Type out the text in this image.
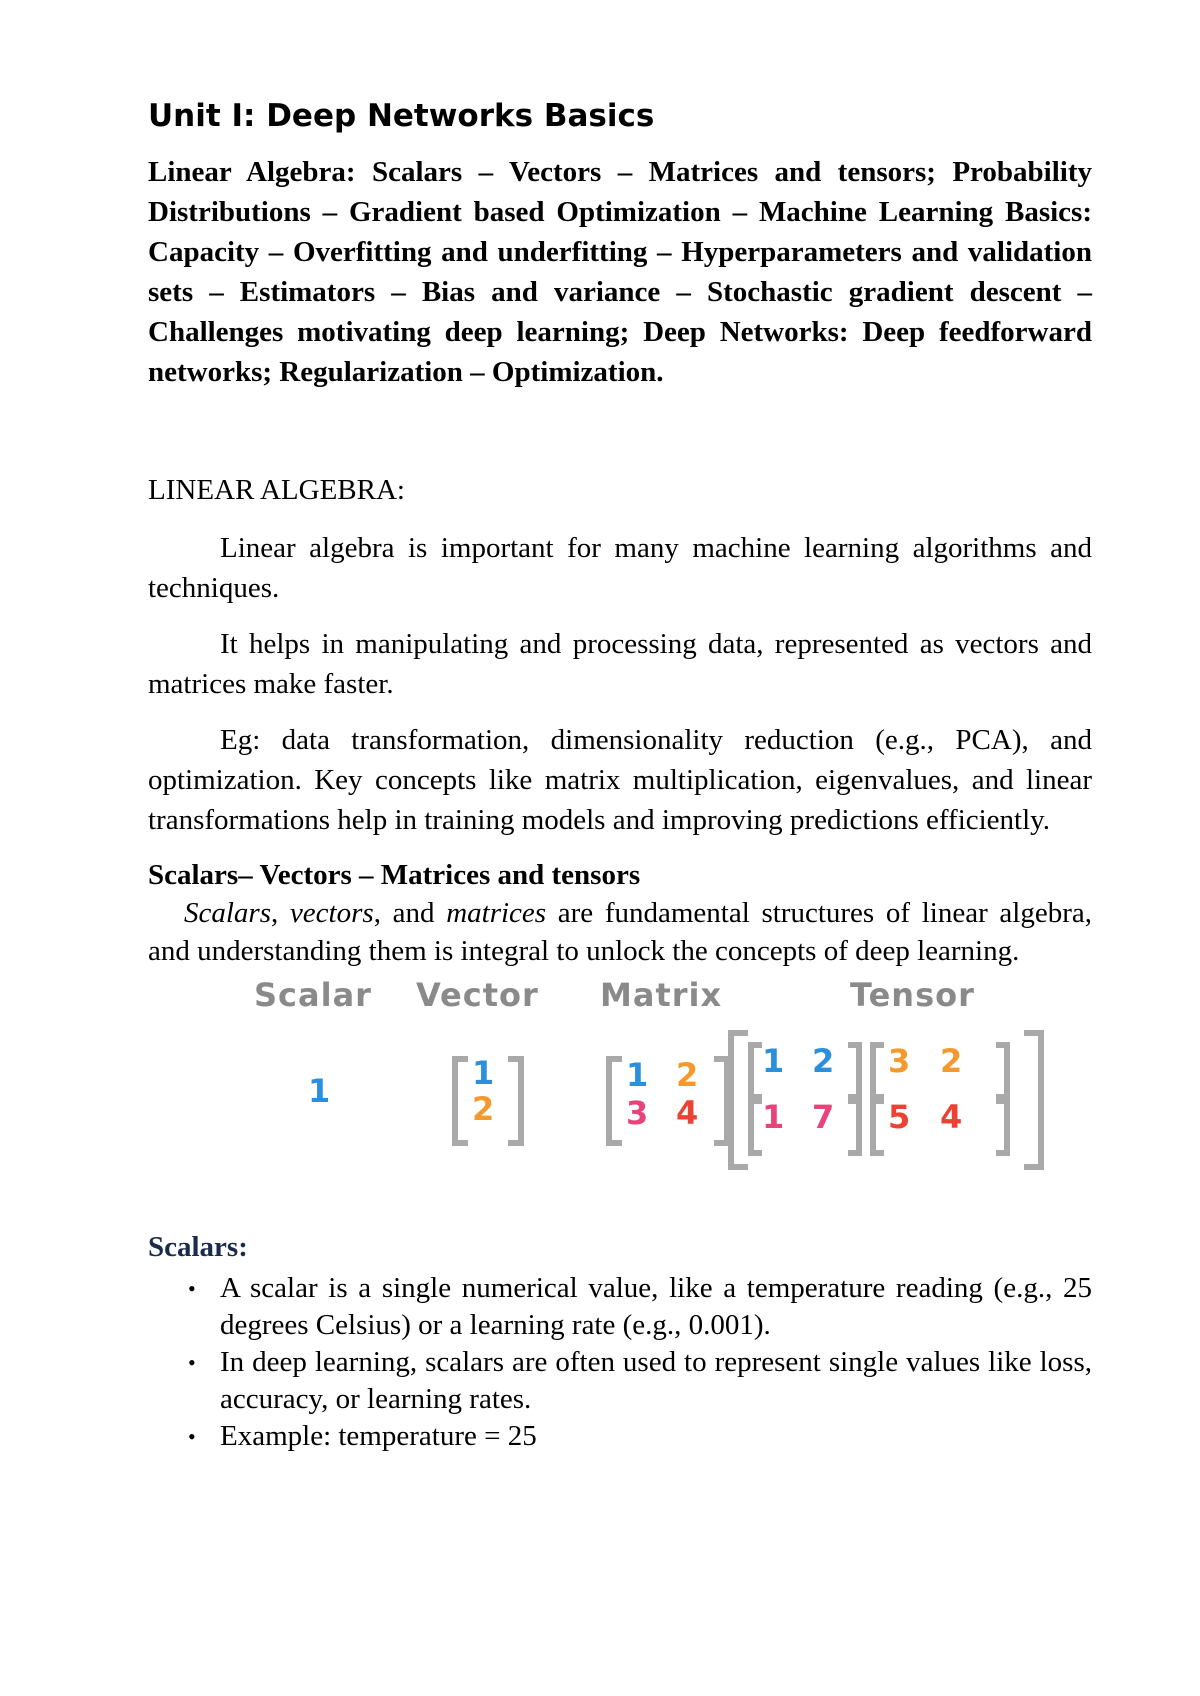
Unit I: Deep Networks Basics

Linear Algebra: Scalars – Vectors – Matrices and tensors; Probability Distributions – Gradient based Optimization – Machine Learning Basics: Capacity – Overfitting and underfitting – Hyperparameters and validation sets – Estimators – Bias and variance – Stochastic gradient descent – Challenges motivating deep learning; Deep Networks: Deep feedforward networks; Regularization – Optimization.

LINEAR ALGEBRA:

Linear algebra is important for many machine learning algorithms and techniques.

It helps in manipulating and processing data, represented as vectors and matrices make faster.

Eg: data transformation, dimensionality reduction (e.g., PCA), and optimization. Key concepts like matrix multiplication, eigenvalues, and linear transformations help in training models and improving predictions efficiently.

Scalars– Vectors – Matrices and tensors

Scalars, vectors, and matrices are fundamental structures of linear algebra, and understanding them is integral to unlock the concepts of deep learning.

Scalar Vector Matrix	Tensor
1	1
2
1 2
3 4
1 2
1 7
3 2
5 4
Scalars:
• A scalar is a single numerical value, like a temperature reading (e.g., 25 degrees Celsius) or a learning rate (e.g., 0.001).
• In deep learning, scalars are often used to represent single values like loss, accuracy, or learning rates.
• Example: temperature = 25
